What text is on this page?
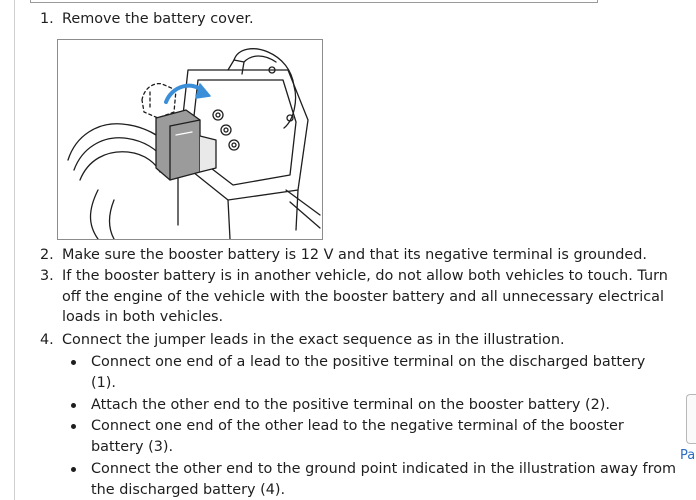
1. Remove the battery cover.
2. Make sure the booster battery is 12 V and that its negative terminal is grounded.
3. If the booster battery is in another vehicle, do not allow both vehicles to touch. Turn
off the engine of the vehicle with the booster battery and all unnecessary electrical
loads in both vehicles.
4. Connect the jumper leads in the exact sequence as in the illustration.
Connect one end of a lead to the positive terminal on the discharged battery
(1).
Attach the other end to the positive terminal on the booster battery (2).
Connect one end of the other lead to the negative terminal of the booster
battery (3).
Connect the other end to the ground point indicated in the illustration away from
the discharged battery (4).
Pa
